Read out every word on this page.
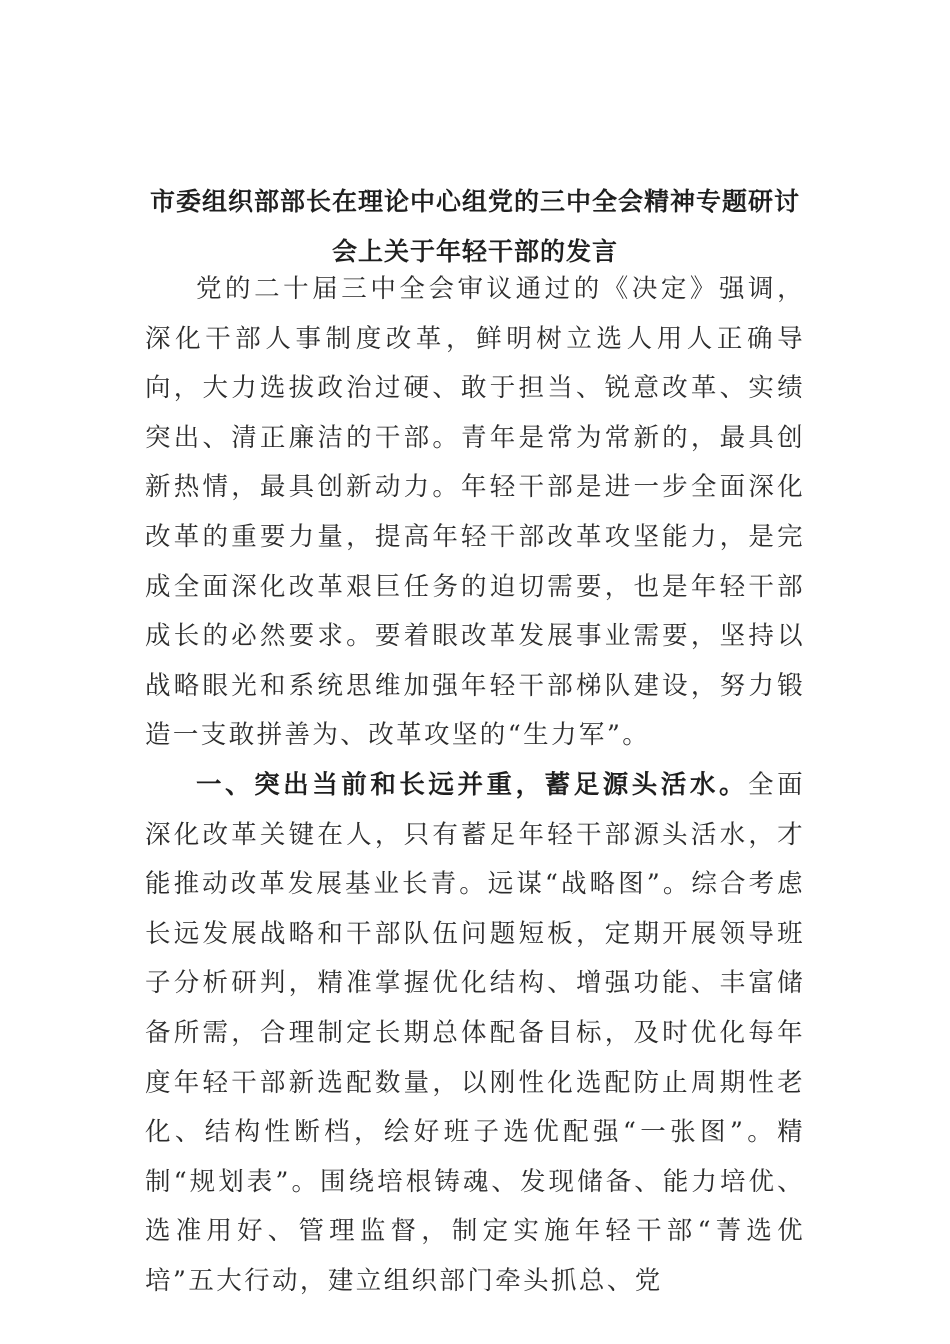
市委组织部部长在理论中心组党的三中全会精神专题研讨
会上关于年轻干部的发言

党的二十届三中全会审议通过的《决定》强调，深化干部人事制度改革，鲜明树立选人用人正确导向，大力选拔政治过硬、敢于担当、锐意改革、实绩突出、清正廉洁的干部。青年是常为常新的，最具创新热情，最具创新动力。年轻干部是进一步全面深化改革的重要力量，提高年轻干部改革攻坚能力，是完成全面深化改革艰巨任务的迫切需要，也是年轻干部成长的必然要求。要着眼改革发展事业需要，坚持以战略眼光和系统思维加强年轻干部梯队建设，努力锻造一支敢拼善为、改革攻坚的“生力军”。

一、突出当前和长远并重，蓄足源头活水。全面深化改革关键在人，只有蓄足年轻干部源头活水，才能推动改革发展基业长青。远谋“战略图”。综合考虑长远发展战略和干部队伍问题短板，定期开展领导班子分析研判，精准掌握优化结构、增强功能、丰富储备所需，合理制定长期总体配备目标，及时优化每年度年轻干部新选配数量，以刚性化选配防止周期性老化、结构性断档，绘好班子选优配强“一张图”。精制“规划表”。围绕培根铸魂、发现储备、能力培优、选准用好、管理监督，制定实施年轻干部“菁选优培”五大行动，建立组织部门牵头抓总、党
